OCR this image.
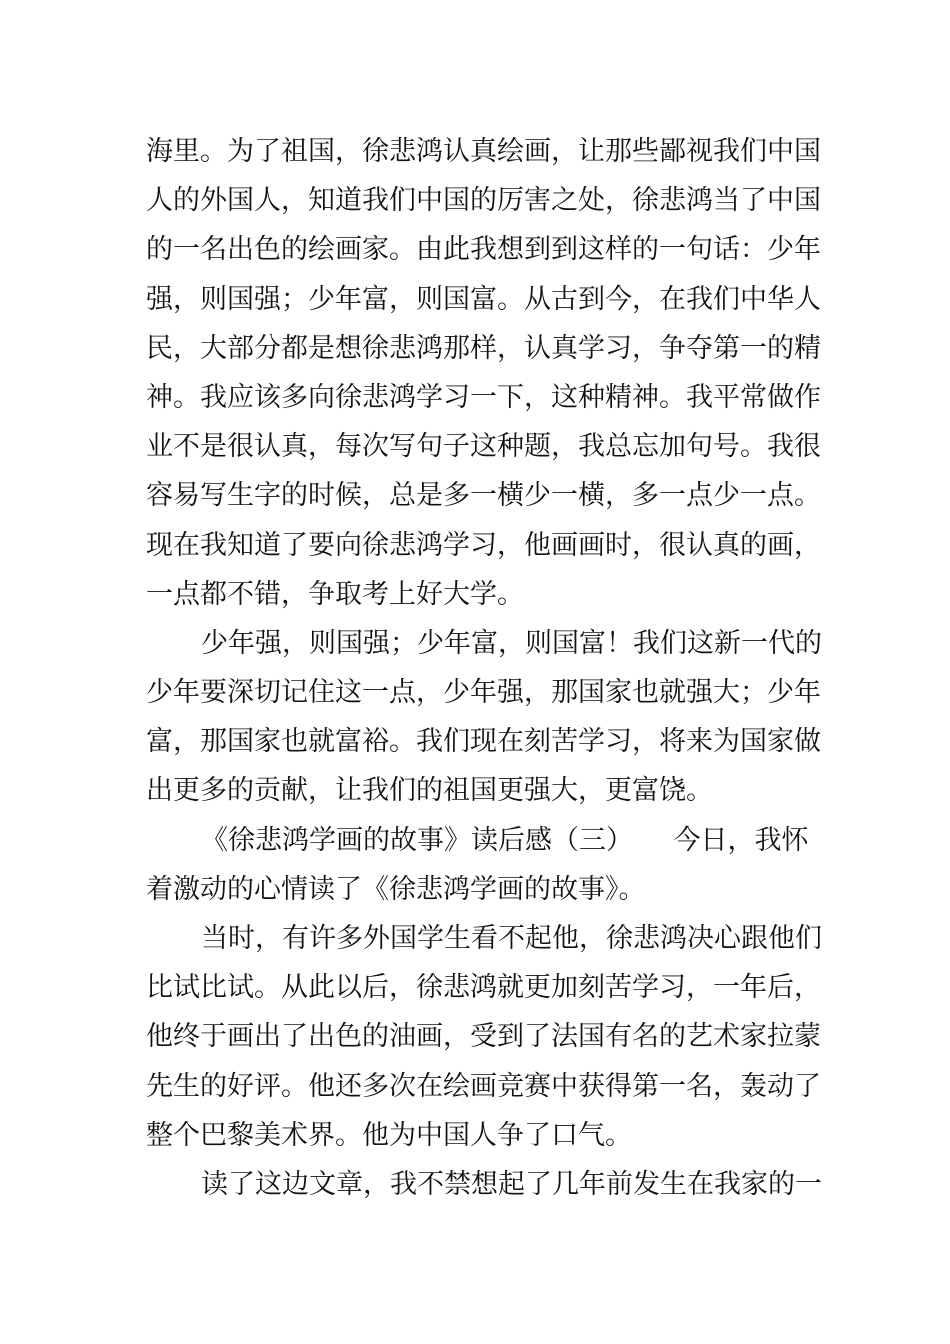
海里。为了祖国，徐悲鸿认真绘画，让那些鄙视我们中国
人的外国人，知道我们中国的厉害之处，徐悲鸿当了中国
的一名出色的绘画家。由此我想到到这样的一句话：少年
强，则国强；少年富，则国富。从古到今，在我们中华人
民，大部分都是想徐悲鸿那样，认真学习，争夺第一的精
神。我应该多向徐悲鸿学习一下，这种精神。我平常做作
业不是很认真，每次写句子这种题，我总忘加句号。我很
容易写生字的时候，总是多一横少一横，多一点少一点。
现在我知道了要向徐悲鸿学习，他画画时，很认真的画，
一点都不错，争取考上好大学。
少年强，则国强；少年富，则国富！我们这新一代的
少年要深切记住这一点，少年强，那国家也就强大；少年
富，那国家也就富裕。我们现在刻苦学习，将来为国家做
出更多的贡献，让我们的祖国更强大，更富饶。
《徐悲鸿学画的故事》读后感（三）　　今日，我怀
着激动的心情读了《徐悲鸿学画的故事》。
当时，有许多外国学生看不起他，徐悲鸿决心跟他们
比试比试。从此以后，徐悲鸿就更加刻苦学习，一年后，
他终于画出了出色的油画，受到了法国有名的艺术家拉蒙
先生的好评。他还多次在绘画竞赛中获得第一名，轰动了
整个巴黎美术界。他为中国人争了口气。
读了这边文章，我不禁想起了几年前发生在我家的一
